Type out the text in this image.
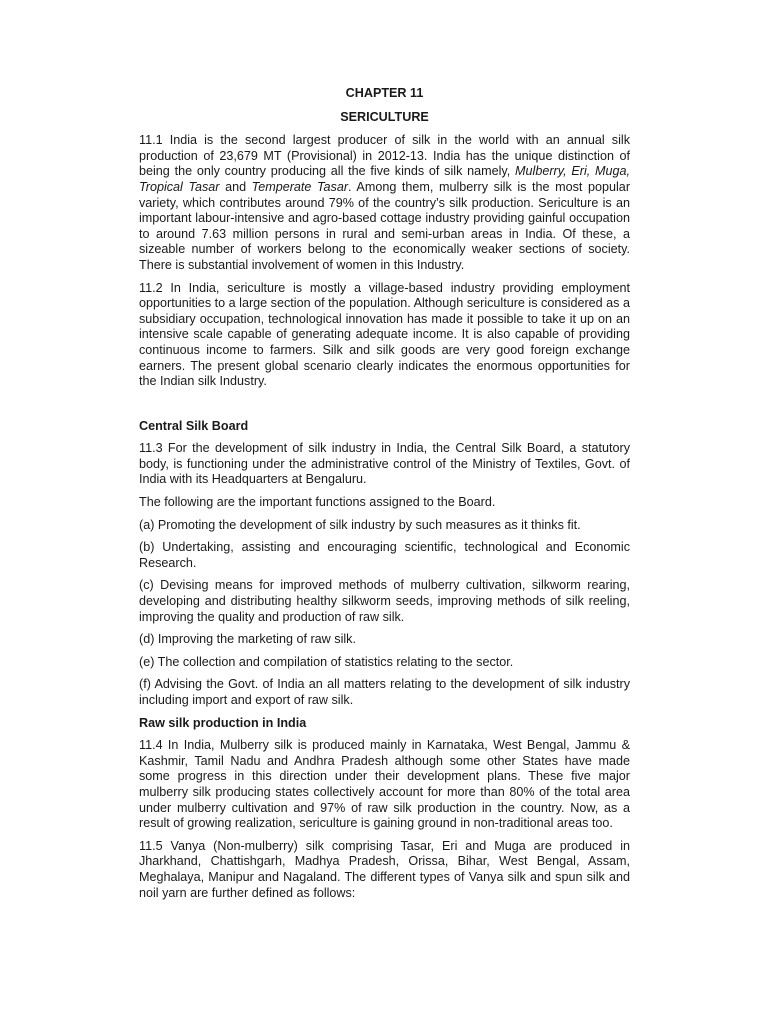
CHAPTER 11

SERICULTURE

11.1 India is the second largest producer of silk in the world with an annual silk production of 23,679 MT (Provisional) in 2012-13. India has the unique distinction of being the only country producing all the five kinds of silk namely, Mulberry, Eri, Muga, Tropical Tasar and Temperate Tasar. Among them, mulberry silk is the most popular variety, which contributes around 79% of the country’s silk production. Sericulture is an important labour-intensive and agro-based cottage industry providing gainful occupation to around 7.63 million persons in rural and semi-urban areas in India. Of these, a sizeable number of workers belong to the economically weaker sections of society. There is substantial involvement of women in this Industry.

11.2 In India, sericulture is mostly a village-based industry providing employment opportunities to a large section of the population. Although sericulture is considered as a subsidiary occupation, technological innovation has made it possible to take it up on an intensive scale capable of generating adequate income. It is also capable of providing continuous income to farmers. Silk and silk goods are very good foreign exchange earners. The present global scenario clearly indicates the enormous opportunities for the Indian silk Industry.

Central Silk Board

11.3 For the development of silk industry in India, the Central Silk Board, a statutory body, is functioning under the administrative control of the Ministry of Textiles, Govt. of India with its Headquarters at Bengaluru.

The following are the important functions assigned to the Board.

(a) Promoting the development of silk industry by such measures as it thinks fit.

(b) Undertaking, assisting and encouraging scientific, technological and Economic Research.

(c) Devising means for improved methods of mulberry cultivation, silkworm rearing, developing and distributing healthy silkworm seeds, improving methods of silk reeling, improving the quality and production of raw silk.

(d) Improving the marketing of raw silk.

(e) The collection and compilation of statistics relating to the sector.

(f) Advising the Govt. of India an all matters relating to the development of silk industry including import and export of raw silk.

Raw silk production in India

11.4 In India, Mulberry silk is produced mainly in Karnataka, West Bengal, Jammu & Kashmir, Tamil Nadu and Andhra Pradesh although some other States have made some progress in this direction under their development plans. These five major mulberry silk producing states collectively account for more than 80% of the total area under mulberry cultivation and 97% of raw silk production in the country. Now, as a result of growing realization, sericulture is gaining ground in non-traditional areas too.

11.5 Vanya (Non-mulberry) silk comprising Tasar, Eri and Muga are produced in Jharkhand, Chattishgarh, Madhya Pradesh, Orissa, Bihar, West Bengal, Assam, Meghalaya, Manipur and Nagaland. The different types of Vanya silk and spun silk and noil yarn are further defined as follows:
